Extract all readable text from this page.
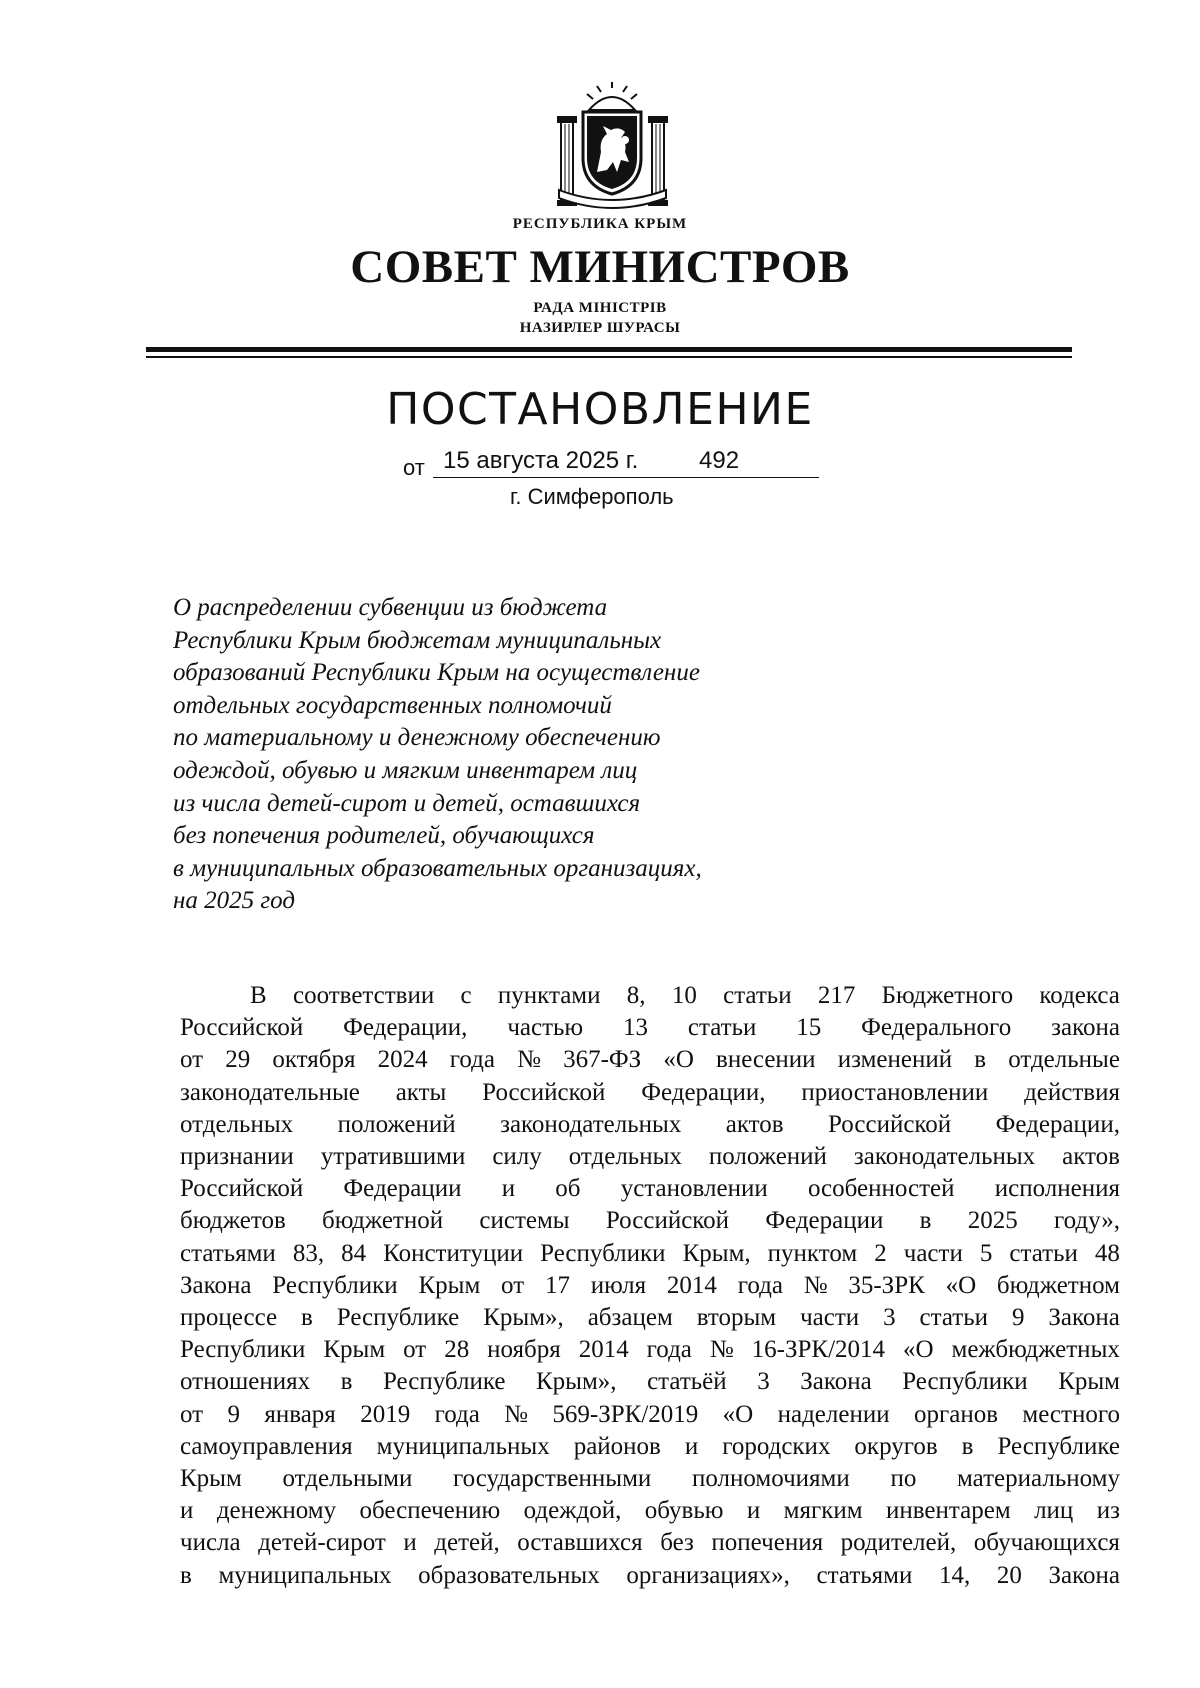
РЕСПУБЛИКА КРЫМ
СОВЕТ МИНИСТРОВ
РАДА МІНІСТРІВ
НАЗИРЛЕР ШУРАСЫ
ПОСТАНОВЛЕНИЕ
от 15 августа 2025 г.	492
г. Симферополь
О распределении субвенции из бюджета
Республики Крым бюджетам муниципальных
образований Республики Крым на осуществление
отдельных государственных полномочий
по материальному и денежному обеспечению
одеждой, обувью и мягким инвентарем лиц
из числа детей-сирот и детей, оставшихся
без попечения родителей, обучающихся
в муниципальных образовательных организациях,
на 2025 год
В соответствии с пунктами 8, 10 статьи 217 Бюджетного кодекса
Российской Федерации, частью 13 статьи 15 Федерального закона
от 29 октября 2024 года № 367-ФЗ «О внесении изменений в отдельные
законодательные акты Российской Федерации, приостановлении действия
отдельных положений законодательных актов Российской Федерации,
признании утратившими силу отдельных положений законодательных актов
Российской Федерации и об установлении особенностей исполнения
бюджетов бюджетной системы Российской Федерации в 2025 году»,
статьями 83, 84 Конституции Республики Крым, пунктом 2 части 5 статьи 48
Закона Республики Крым от 17 июля 2014 года № 35-ЗРК «О бюджетном
процессе в Республике Крым», абзацем вторым части 3 статьи 9 Закона
Республики Крым от 28 ноября 2014 года № 16-ЗРК/2014 «О межбюджетных
отношениях в Республике Крым», статьёй 3 Закона Республики Крым
от 9 января 2019 года № 569-ЗРК/2019 «О наделении органов местного
самоуправления муниципальных районов и городских округов в Республике
Крым отдельными государственными полномочиями по материальному
и денежному обеспечению одеждой, обувью и мягким инвентарем лиц из
числа детей-сирот и детей, оставшихся без попечения родителей, обучающихся
в муниципальных образовательных организациях», статьями 14, 20 Закона
